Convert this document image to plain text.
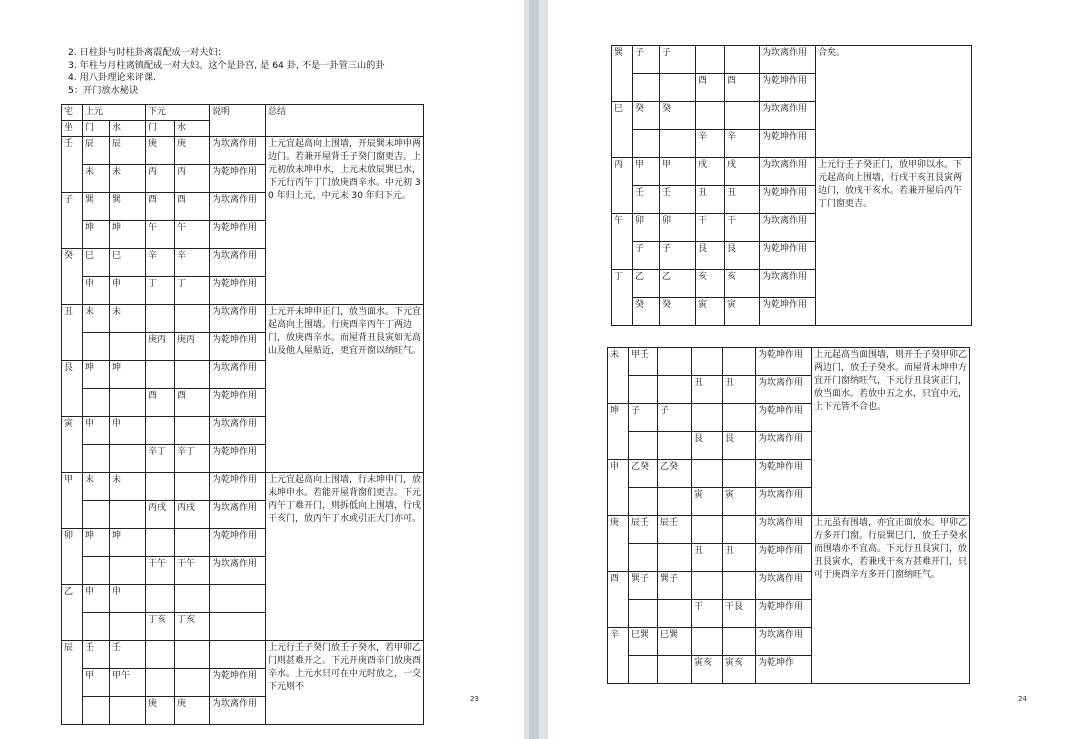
2. 日柱卦与时柱卦离震配成一对夫妇；
3. 年柱与月柱离镇配成一对大妇。这个是卦宫, 是 64 卦, 不是一卦管三山的卦
4. 用八卦理论来评课.
5：开门放水秘诀
宅	上元		下元		说明	总结
坐	门	水	门	水		
壬	辰	辰	庚	庚	为坎离作用	上元宜起高向上围墙，开辰巽未坤申两边门。若兼开屋背壬子癸门窗更吉。上元初放未坤申水，上元末放辰巽巳水，下元行丙午丁门放庚酉辛水。中元初 30 年归上元，中元末 30 年归下元。
	未	未	丙	丙	为乾坤作用	
子	巽	巽	酉	酉	为坎离作用	
	坤	坤	午	午	为乾坤作用	
癸	巳	巳	辛	辛	为坎离作用	
	申	申	丁	丁	为乾坤作用	
丑	未	未			为坎离作用	上元开未坤申正门，放当面水。下元宜起高向上围墙。行庚酉辛丙午丁两边门，放庚酉辛水。而屋背丑艮寅如无高山及他人屋贴近，更宜开窗以纳旺气。
			庚丙	庚丙	为乾坤作用	
艮	坤	坤			为坎离作用	
			酉	酉	为乾坤作用	
寅	申	申			为坎离作用	
			辛丁	辛丁	为乾坤作用	
甲	未	未			为乾坤作用	上元宜起高向上围墙，行未坤申门，放未坤申水。若能开屋背窗们更吉。下元丙午丁难开门，则拆低向上围墙，行戌干亥门，放丙午丁水或引正大门亦可。
			丙戌	丙戌	为坎离作用	
卯	坤	坤			为乾坤作用	
			干午	干午	为坎离作用	
乙	申	申				
			丁亥	丁亥		
辰	壬	壬				上元行壬子癸门放壬子癸水，若甲卯乙门则甚难开之。下元开庚酉辛门放庚酉辛水。上元水只可在中元时放之，一交下元则不
	甲	甲午			为乾坤作用	
			庚	庚	为坎离作用		23	24
巽	子	子			为坎离作用	合矣。
			酉	酉	为乾坤作用	
巳	癸	癸			为坎离作用	
			辛	辛	为乾坤作用	
丙	甲	甲	戌	戌	为坎离作用	上元行壬子癸正门，放甲卯以水。下元起高向上围墙，行戌干亥丑艮寅两边门，放戌干亥水。若兼开屋后丙午丁门窗更吉。
	壬	壬	丑	丑	为乾坤作用	
午	卯	卯	干	干	为坎离作用	
	子	子	艮	艮	为乾坤作用	
丁	乙	乙	亥	亥	为坎离作用	
	癸	癸	寅	寅	为乾坤作用	
未	甲壬				为乾坤作用	上元起高当面围墙，则开壬子癸甲卯乙两边门，放壬子癸水。而屋背未坤申方宜开门窗纳旺气，下元行丑艮寅正门，放当面水。若放中五之水，只宜中元，上下元皆不合也。
			丑	丑	为坎离作用	
坤	子	子			为乾坤作用	
			艮	艮	为坎离作用	
申	乙癸	乙癸			为乾坤作用	
			寅	寅	为坎离作用	
庚	辰壬	辰壬			为坎离作用	上元虽有围墙，亦宜正面放水。甲卯乙方多开门窗。行辰巽巳门，放壬子癸水而围墙亦不宜高。下元行丑艮寅门，放丑艮寅水，若兼戌干亥方甚难开门，只可于庚酉辛方多开门窗纳旺气。
			丑	丑	为乾坤作用	
酉	巽子	巽子			为坎离作用	
			干	干艮	为乾坤作用	
辛	巳巽	巳巽			为坎离作用	
			寅亥	寅亥	为乾坤作	
